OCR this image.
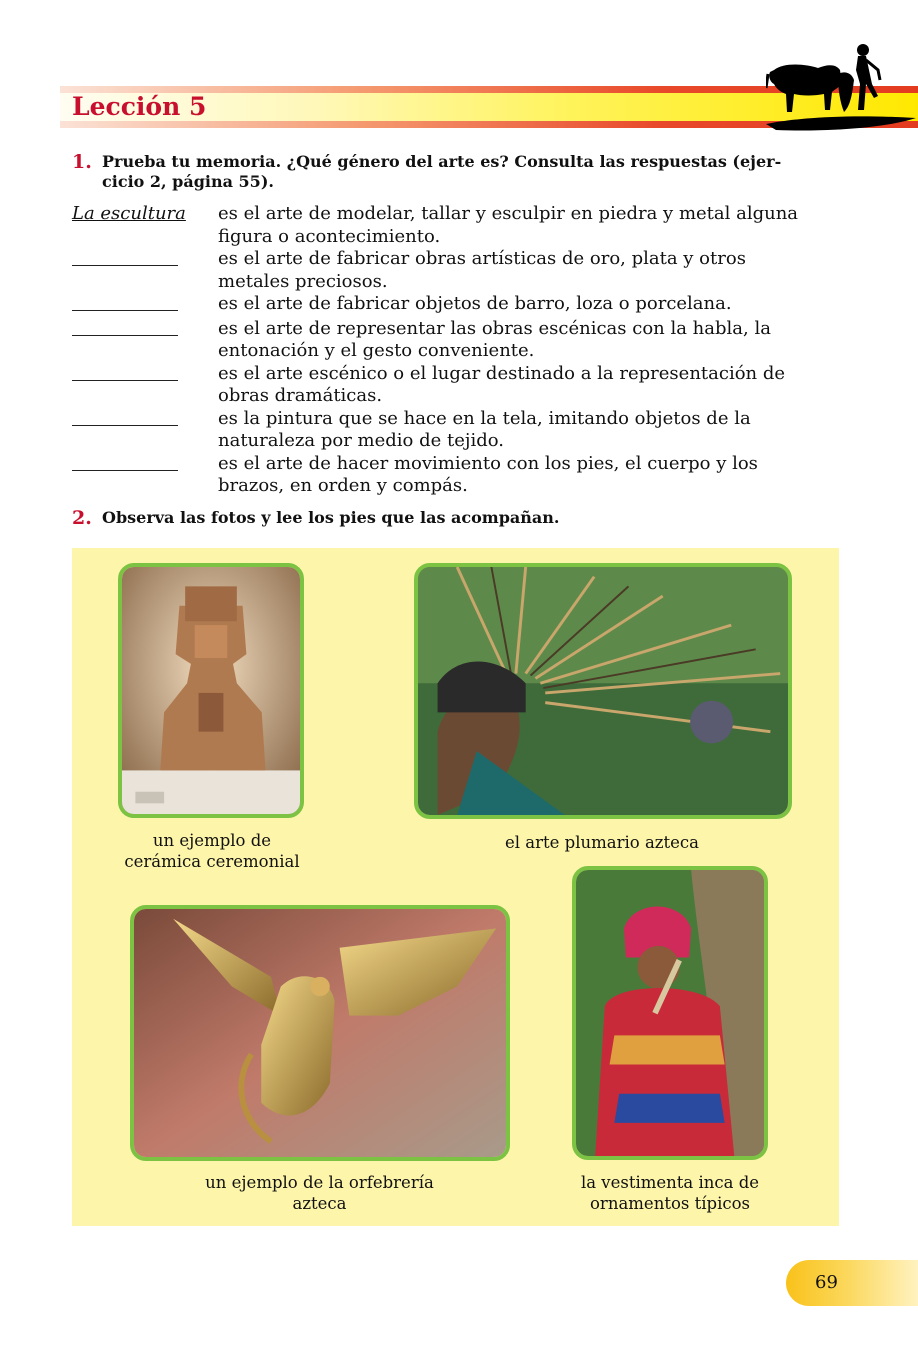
Lección 5
1. Prueba tu memoria. ¿Qué género del arte es? Consulta las respuestas (ejer-
cicio 2, página 55).
La escultura	es el arte de modelar, tallar y esculpir en piedra y metal alguna
figura o acontecimiento.
es el arte de fabricar obras artísticas de oro, plata y otros
metales preciosos.
es el arte de fabricar objetos de barro, loza o porcelana.
es el arte de representar las obras escénicas con la habla, la
entonación y el gesto conveniente.
es el arte escénico o el lugar destinado a la representación de
obras dramáticas.
es la pintura que se hace en la tela, imitando objetos de la
naturaleza por medio de tejido.
es el arte de hacer movimiento con los pies, el cuerpo y los
brazos, en orden y compás.
2. Observa las fotos y lee los pies que las acompañan.
un ejemplo de
cerámica ceremonial
el arte plumario azteca
un ejemplo de la orfebrería
azteca
la vestimenta inca de
ornamentos típicos
69
